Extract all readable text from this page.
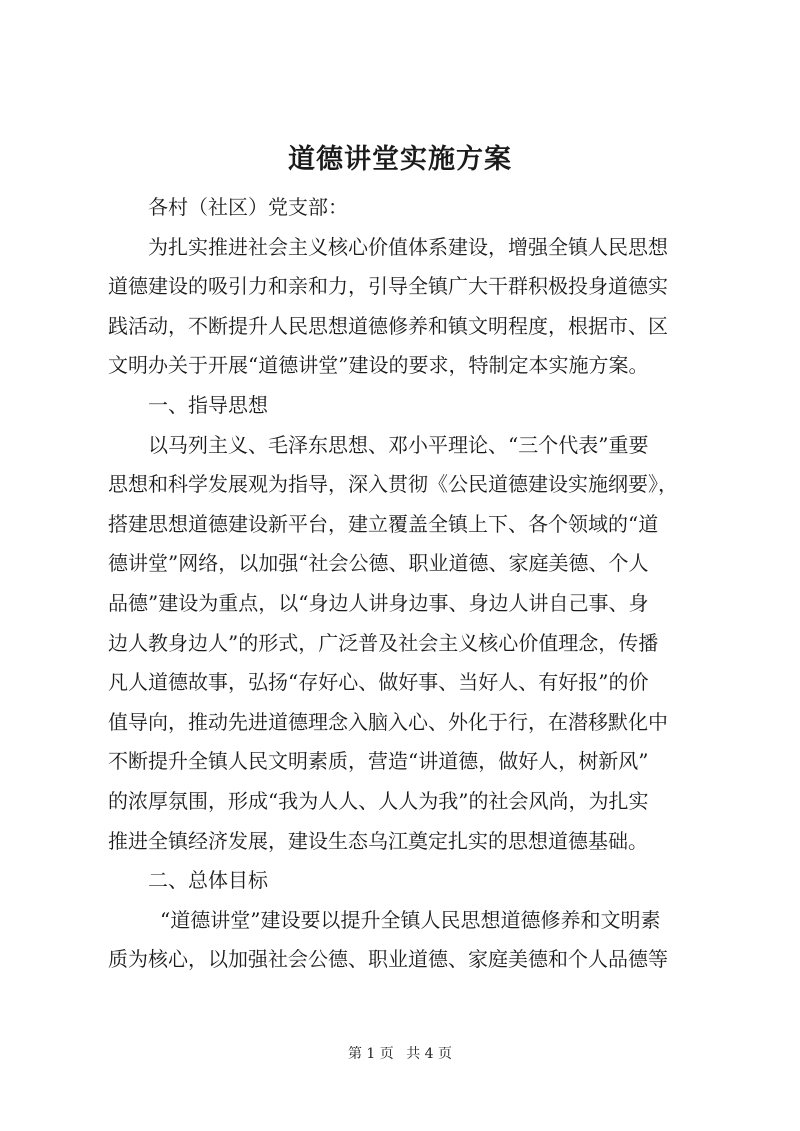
道德讲堂实施方案
各村（社区）党支部：
为扎实推进社会主义核心价值体系建设，增强全镇人民思想
道德建设的吸引力和亲和力，引导全镇广大干群积极投身道德实
践活动，不断提升人民思想道德修养和镇文明程度，根据市、区
文明办关于开展“道德讲堂”建设的要求，特制定本实施方案。
一、指导思想
以马列主义、毛泽东思想、邓小平理论、“三个代表”重要
思想和科学发展观为指导，深入贯彻《公民道德建设实施纲要》，
搭建思想道德建设新平台，建立覆盖全镇上下、各个领域的“道
德讲堂”网络，以加强“社会公德、职业道德、家庭美德、个人
品德”建设为重点，以“身边人讲身边事、身边人讲自己事、身
边人教身边人”的形式，广泛普及社会主义核心价值理念，传播
凡人道德故事，弘扬“存好心、做好事、当好人、有好报”的价
值导向，推动先进道德理念入脑入心、外化于行，在潜移默化中
不断提升全镇人民文明素质，营造“讲道德，做好人，树新风”
的浓厚氛围，形成“我为人人、人人为我”的社会风尚，为扎实
推进全镇经济发展，建设生态乌江奠定扎实的思想道德基础。
二、总体目标
“道德讲堂”建设要以提升全镇人民思想道德修养和文明素
质为核心，以加强社会公德、职业道德、家庭美德和个人品德等
第 1 页 共 4 页
